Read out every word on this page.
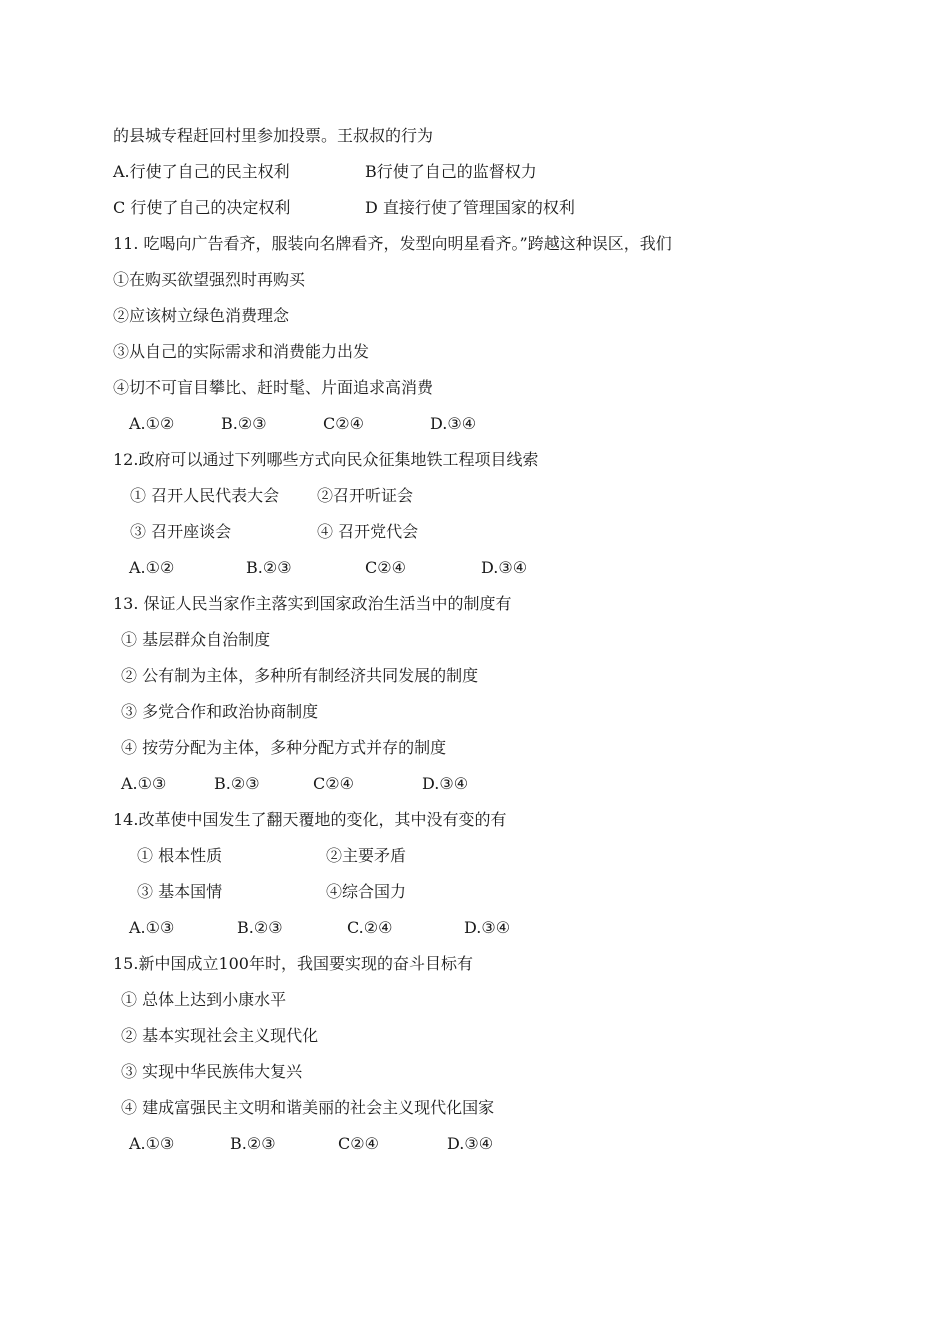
的县城专程赶回村里参加投票。王叔叔的行为
A.行使了自己的民主权利	B行使了自己的监督权力
C 行使了自己的决定权利	D 直接行使了管理国家的权利
11. 吃喝向广告看齐，服装向名牌看齐，发型向明星看齐。”跨越这种误区，我们
①在购买欲望强烈时再购买
②应该树立绿色消费理念
③从自己的实际需求和消费能力出发
④切不可盲目攀比、赶时髦、片面追求高消费
A.①②	B.②③	C②④	D.③④
12.政府可以通过下列哪些方式向民众征集地铁工程项目线索
① 召开人民代表大会 ②召开听证会
③ 召开座谈会	④ 召开党代会
A.①②	B.②③	C②④	D.③④
13. 保证人民当家作主落实到国家政治生活当中的制度有
① 基层群众自治制度
② 公有制为主体，多种所有制经济共同发展的制度
③ 多党合作和政治协商制度
④ 按劳分配为主体，多种分配方式并存的制度
A.①③	B.②③	C②④	D.③④
14.改革使中国发生了翻天覆地的变化，其中没有变的有
① 根本性质	②主要矛盾
③ 基本国情	④综合国力
A.①③	B.②③	C.②④	D.③④
15.新中国成立100年时，我国要实现的奋斗目标有
① 总体上达到小康水平
② 基本实现社会主义现代化
③ 实现中华民族伟大复兴
④ 建成富强民主文明和谐美丽的社会主义现代化国家
A.①③	B.②③	C②④	D.③④
